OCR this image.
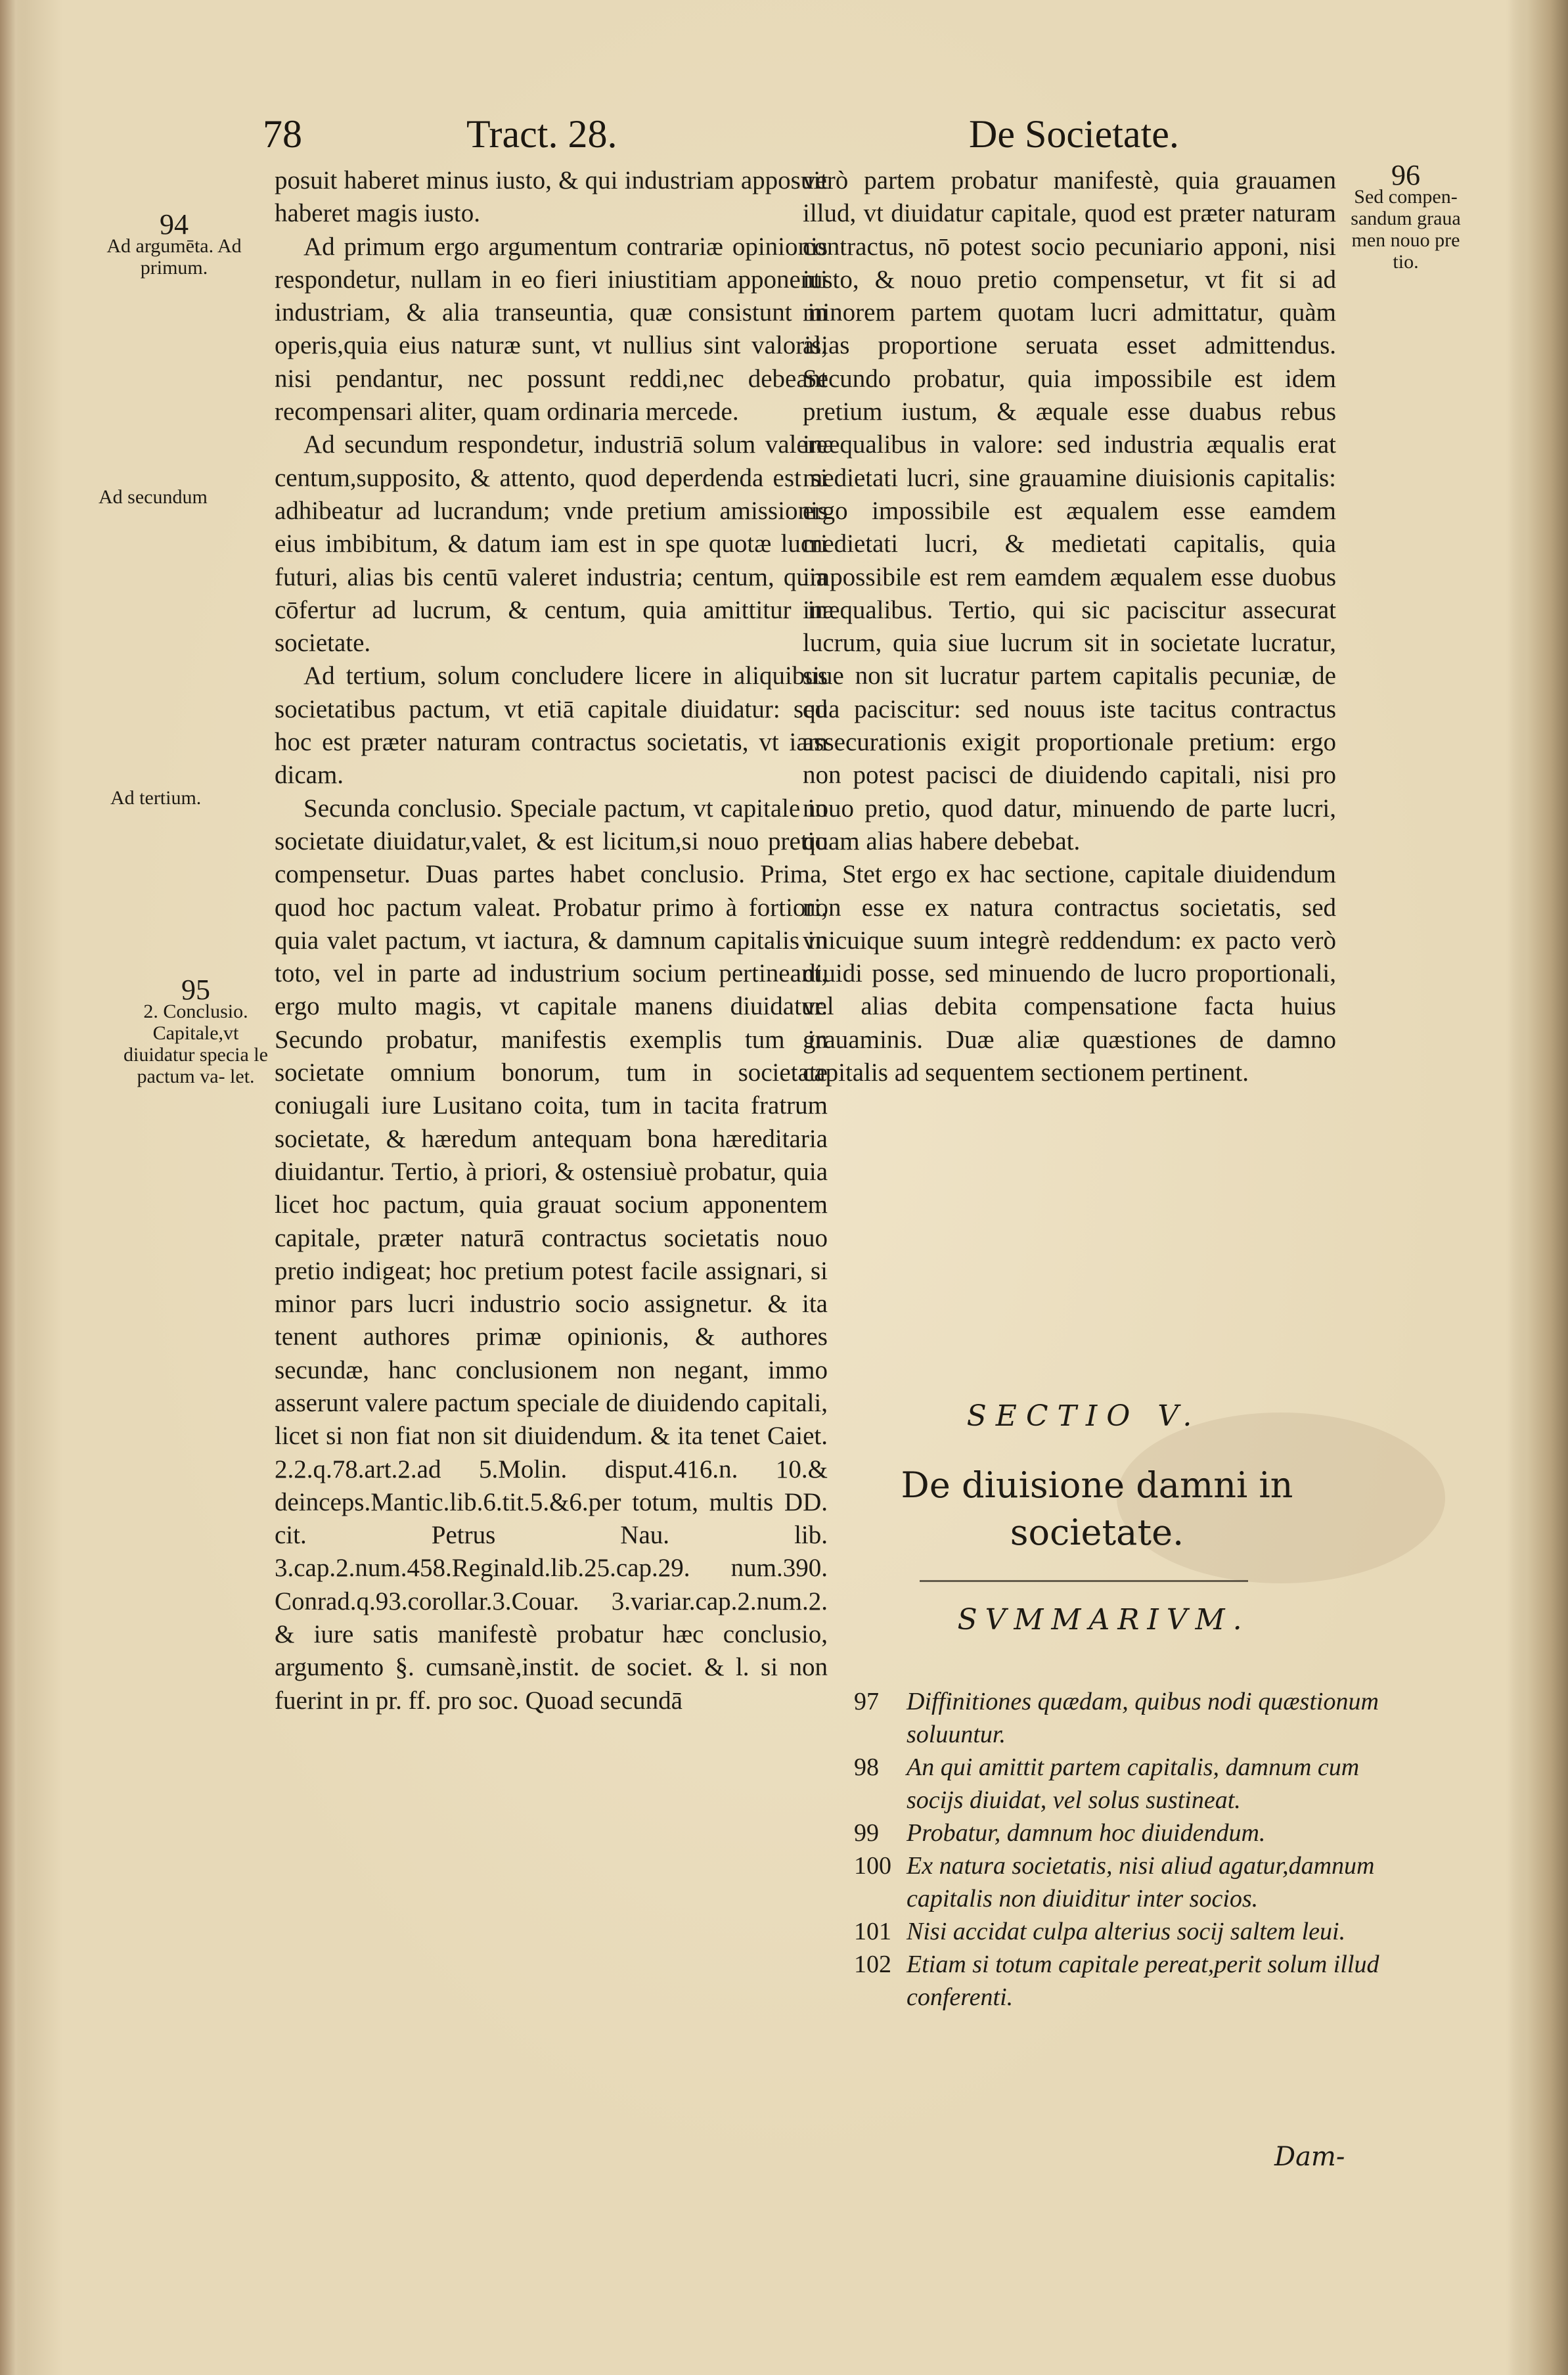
78	Tract. 28.	De Societate.
94
Ad argumēta. Ad primum.
Ad secundum
Ad tertium.
95
2. Conclusio. Capitale,vt diuidatur specia le pactum va- let.
96
Sed compen- sandum graua men nouo pre tio.

posuit haberet minus iusto, & qui industriam apposuit haberet magis iusto.

Ad primum ergo argumentum contrariæ opinionis respondetur, nullam in eo fieri iniustitiam apponenti industriam, & alia transeuntia, quæ consistunt in operis,quia eius naturæ sunt, vt nullius sint valoris, nisi pendantur, nec possunt reddi,nec debeant recompensari aliter, quam ordinaria mercede.

Ad secundum respondetur, industriā solum valere centum,supposito, & attento, quod deperdenda est si adhibeatur ad lucrandum; vnde pretium amissionis eius imbibitum, & datum iam est in spe quotæ lucri futuri, alias bis centū valeret industria; centum, quia cōfertur ad lucrum, & centum, quia amittitur in societate.

Ad tertium, solum concludere licere in aliquibus societatibus pactum, vt etiā capitale diuidatur: sed hoc est præter naturam contractus societatis, vt iam dicam.

Secunda conclusio. Speciale pactum, vt capitale in societate diuidatur,valet, & est licitum,si nouo pretio compensetur. Duas partes habet conclusio. Prima, quod hoc pactum valeat. Probatur primo à fortiori, quia valet pactum, vt iactura, & damnum capitalis in toto, vel in parte ad industrium socium pertineant, ergo multo magis, vt capitale manens diuidatur. Secundo probatur, manifestis exemplis tum in societate omnium bonorum, tum in societate coniugali iure Lusitano coita, tum in tacita fratrum societate, & hæredum antequam bona hæreditaria diuidantur. Tertio, à priori, & ostensiuè probatur, quia licet hoc pactum, quia grauat socium apponentem capitale, præter naturā contractus societatis nouo pretio indigeat; hoc pretium potest facile assignari, si minor pars lucri industrio socio assignetur. & ita tenent authores primæ opinionis, & authores secundæ, hanc conclusionem non negant, immo asserunt valere pactum speciale de diuidendo capitali, licet si non fiat non sit diuidendum. & ita tenet Caiet. 2.2.q.78.art.2.ad 5.Molin. disput.416.n. 10.& deinceps.Mantic.lib.6.tit.5.&6.per totum, multis DD. cit. Petrus Nau. lib. 3.cap.2.num.458.Reginald.lib.25.cap.29. num.390. Conrad.q.93.corollar.3.Couar. 3.variar.cap.2.num.2. & iure satis manifestè probatur hæc conclusio, argumento §. cumsanè,instit. de societ. & l. si non fuerint in pr. ff. pro soc. Quoad secundā

verò partem probatur manifestè, quia grauamen illud, vt diuidatur capitale, quod est præter naturam contractus, nō potest socio pecuniario apponi, nisi iusto, & nouo pretio compensetur, vt fit si ad minorem partem quotam lucri admittatur, quàm alias proportione seruata esset admittendus. Secundo probatur, quia impossibile est idem pretium iustum, & æquale esse duabus rebus inæqualibus in valore: sed industria æqualis erat medietati lucri, sine grauamine diuisionis capitalis: ergo impossibile est æqualem esse eamdem medietati lucri, & medietati capitalis, quia impossibile est rem eamdem æqualem esse duobus inæqualibus. Tertio, qui sic paciscitur assecurat lucrum, quia siue lucrum sit in societate lucratur, siue non sit lucratur partem capitalis pecuniæ, de qua paciscitur: sed nouus iste tacitus contractus assecurationis exigit proportionale pretium: ergo non potest pacisci de diuidendo capitali, nisi pro nouo pretio, quod datur, minuendo de parte lucri, quam alias habere debebat.

Stet ergo ex hac sectione, capitale diuidendum non esse ex natura contractus societatis, sed vnicuique suum integrè reddendum: ex pacto verò diuidi posse, sed minuendo de lucro proportionali, vel alias debita compensatione facta huius grauaminis. Duæ aliæ quæstiones de damno capitalis ad sequentem sectionem pertinent.

SECTIO V.
De diuisione damni in societate.
SVMMARIVM.
97 Diffinitiones quædam, quibus nodi quæstionum soluuntur.
98 An qui amittit partem capitalis, damnum cum socijs diuidat, vel solus sustineat.
99 Probatur, damnum hoc diuidendum.
100 Ex natura societatis, nisi aliud agatur,damnum capitalis non diuiditur inter socios.
101 Nisi accidat culpa alterius socij saltem leui.
102 Etiam si totum capitale pereat,perit solum illud conferenti.
Dam-
